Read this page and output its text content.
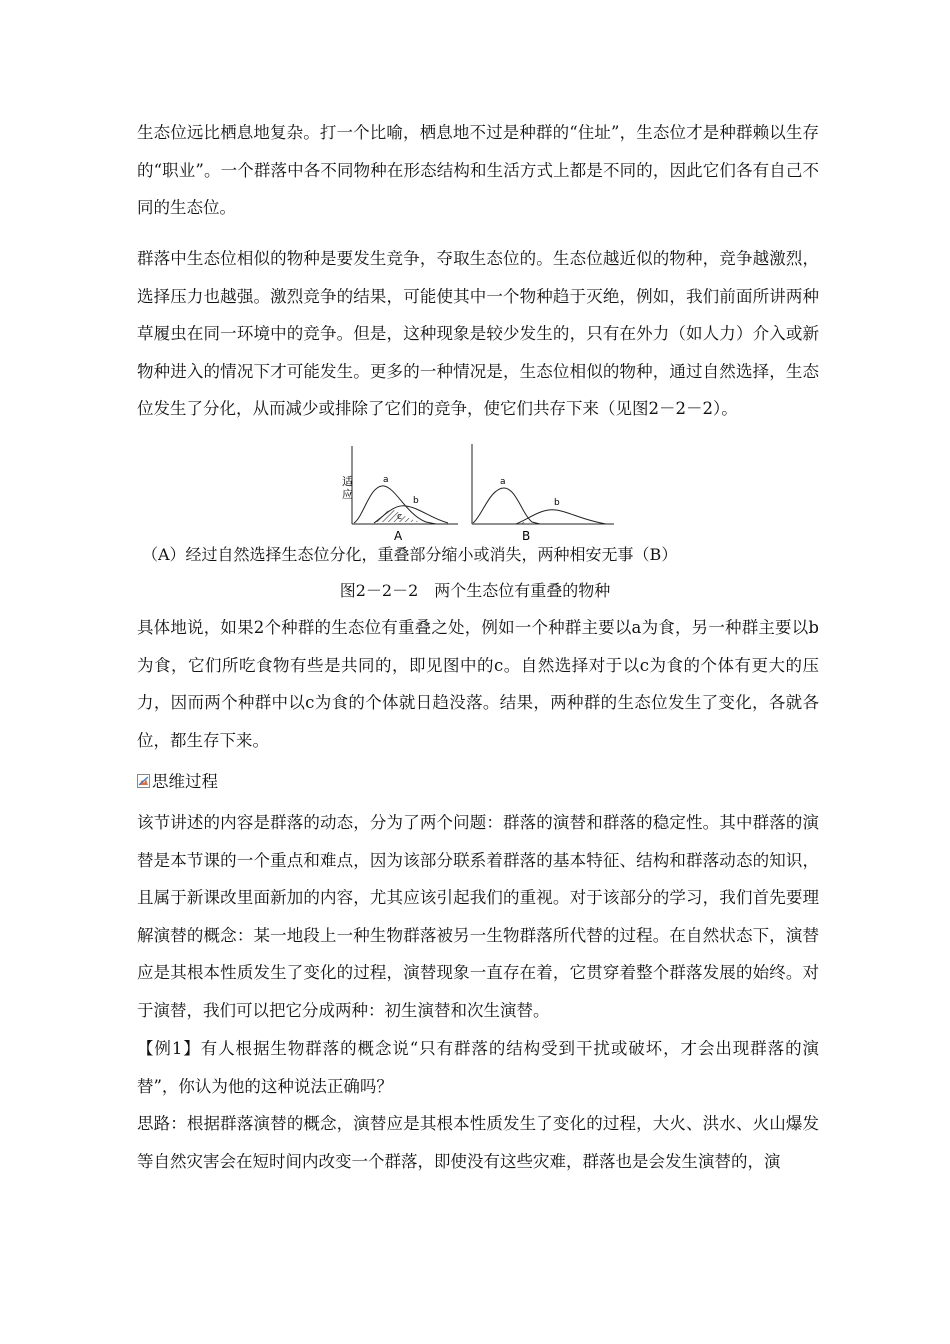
生态位远比栖息地复杂。打一个比喻，栖息地不过是种群的“住址”，生态位才是种群赖以生存的“职业”。一个群落中各不同物种在形态结构和生活方式上都是不同的，因此它们各有自己不同的生态位。

群落中生态位相似的物种是要发生竞争，夺取生态位的。生态位越近似的物种，竞争越激烈，选择压力也越强。激烈竞争的结果，可能使其中一个物种趋于灭绝，例如，我们前面所讲两种草履虫在同一环境中的竞争。但是，这种现象是较少发生的，只有在外力（如人力）介入或新物种进入的情况下才可能发生。更多的一种情况是，生态位相似的物种，通过自然选择，生态位发生了分化，从而减少或排除了它们的竞争，使它们共存下来（见图2－2－2）。

适
应
a
b
c
A
a
b
B
（A）经过自然选择生态位分化，重叠部分缩小或消失，两种相安无事（B）
图2－2－2　两个生态位有重叠的物种

具体地说，如果2个种群的生态位有重叠之处，例如一个种群主要以a为食，另一种群主要以b为食，它们所吃食物有些是共同的，即见图中的c。自然选择对于以c为食的个体有更大的压力，因而两个种群中以c为食的个体就日趋没落。结果，两种群的生态位发生了变化，各就各位，都生存下来。

思维过程

该节讲述的内容是群落的动态，分为了两个问题：群落的演替和群落的稳定性。其中群落的演替是本节课的一个重点和难点，因为该部分联系着群落的基本特征、结构和群落动态的知识，且属于新课改里面新加的内容，尤其应该引起我们的重视。对于该部分的学习，我们首先要理解演替的概念：某一地段上一种生物群落被另一生物群落所代替的过程。在自然状态下，演替应是其根本性质发生了变化的过程，演替现象一直存在着，它贯穿着整个群落发展的始终。对于演替，我们可以把它分成两种：初生演替和次生演替。

【例1】有人根据生物群落的概念说“只有群落的结构受到干扰或破坏，才会出现群落的演替”，你认为他的这种说法正确吗？

思路：根据群落演替的概念，演替应是其根本性质发生了变化的过程，大火、洪水、火山爆发等自然灾害会在短时间内改变一个群落，即使没有这些灾难，群落也是会发生演替的，演
